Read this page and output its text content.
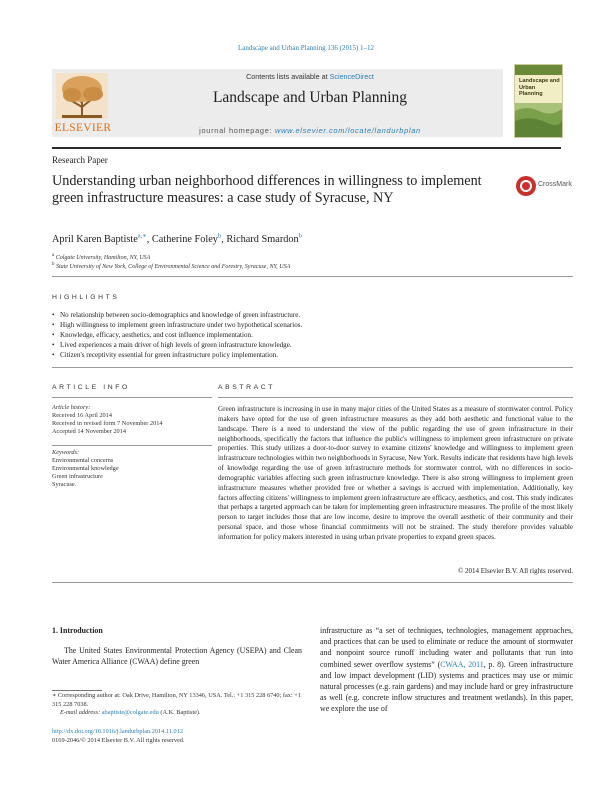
Landscape and Urban Planning 136 (2015) 1–12
ELSEVIER
Contents lists available at ScienceDirect
Landscape and Urban Planning
journal homepage: www.elsevier.com/locate/landurbplan
Landscape and Urban Planning
Research Paper
Understanding urban neighborhood differences in willingness to implement green infrastructure measures: a case study of Syracuse, NY
CrossMark
April Karen Baptiste$^{a,∗}$, Catherine Foley$^b$, Richard Smardon$^b$
$^a$ Colgate University, Hamilton, NY, USA
$^b$ State University of New York, College of Environmental Science and Forestry, Syracuse, NY, USA
HIGHLIGHTS
• No relationship between socio-demographics and knowledge of green infrastructure.
• High willingness to implement green infrastructure under two hypothetical scenarios.
• Knowledge, efficacy, aesthetics, and cost influence implementation.
• Lived experiences a main driver of high levels of green infrastructure knowledge.
• Citizen's receptivity essential for green infrastructure policy implementation.
ARTICLE INFO	ABSTRACT
Article history:
Received 16 April 2014
Received in revised form 7 November 2014
Accepted 14 November 2014
Keywords:
Environmental concerns
Environmental knowledge
Green infrastructure
Syracuse.
Green infrastructure is increasing in use in many major cities of the United States as a measure of stormwater control. Policy makers have opted for the use of green infrastructure measures as they add both aesthetic and functional value to the landscape. There is a need to understand the view of the public regarding the use of green infrastructure in their neighborhoods, specifically the factors that influence the public's willingness to implement green infrastructure on private properties. This study utilizes a door-to-door survey to examine citizens' knowledge and willingness to implement green infrastructure technologies within two neighborhoods in Syracuse, New York. Results indicate that residents have high levels of knowledge regarding the use of green infrastructure methods for stormwater control, with no differences in socio-demographic variables affecting such green infrastructure knowledge. There is also strong willingness to implement green infrastructure measures whether provided free or whether a savings is accrued with implementation. Additionally, key factors affecting citizens' willingness to implement green infrastructure are efficacy, aesthetics, and cost. This study indicates that perhaps a targeted approach can be taken for implementing green infrastructure measures. The profile of the most likely person to target includes those that are low income, desire to improve the overall aesthetic of their community and their personal space, and those whose financial commitments will not be strained. The study therefore provides valuable information for policy makers interested in using urban private properties to expand green spaces.
© 2014 Elsevier B.V. All rights reserved.
1. Introduction
The United States Environmental Protection Agency (USEPA) and Clean Water America Alliance (CWAA) define green
infrastructure as “a set of techniques, technologies, management approaches, and practices that can be used to eliminate or reduce the amount of stormwater and nonpoint source runoff including water and pollutants that run into combined sewer overflow systems” (CWAA, 2011, p. 8). Green infrastructure and low impact development (LID) systems and practices may use or mimic natural processes (e.g. rain gardens) and may include hard or grey infrastructure as well (e.g. concrete inflow structures and treatment wetlands). In this paper, we explore the use of
∗ Corresponding author at: Oak Drive, Hamilton, NY 13346, USA. Tel.: +1 315 228 6740; fax: +1 315 228 7038.
E-mail address: abaptiste@colgate.edu (A.K. Baptiste).
http://dx.doi.org/10.1016/j.landurbplan.2014.11.012
0169-2046/© 2014 Elsevier B.V. All rights reserved.
